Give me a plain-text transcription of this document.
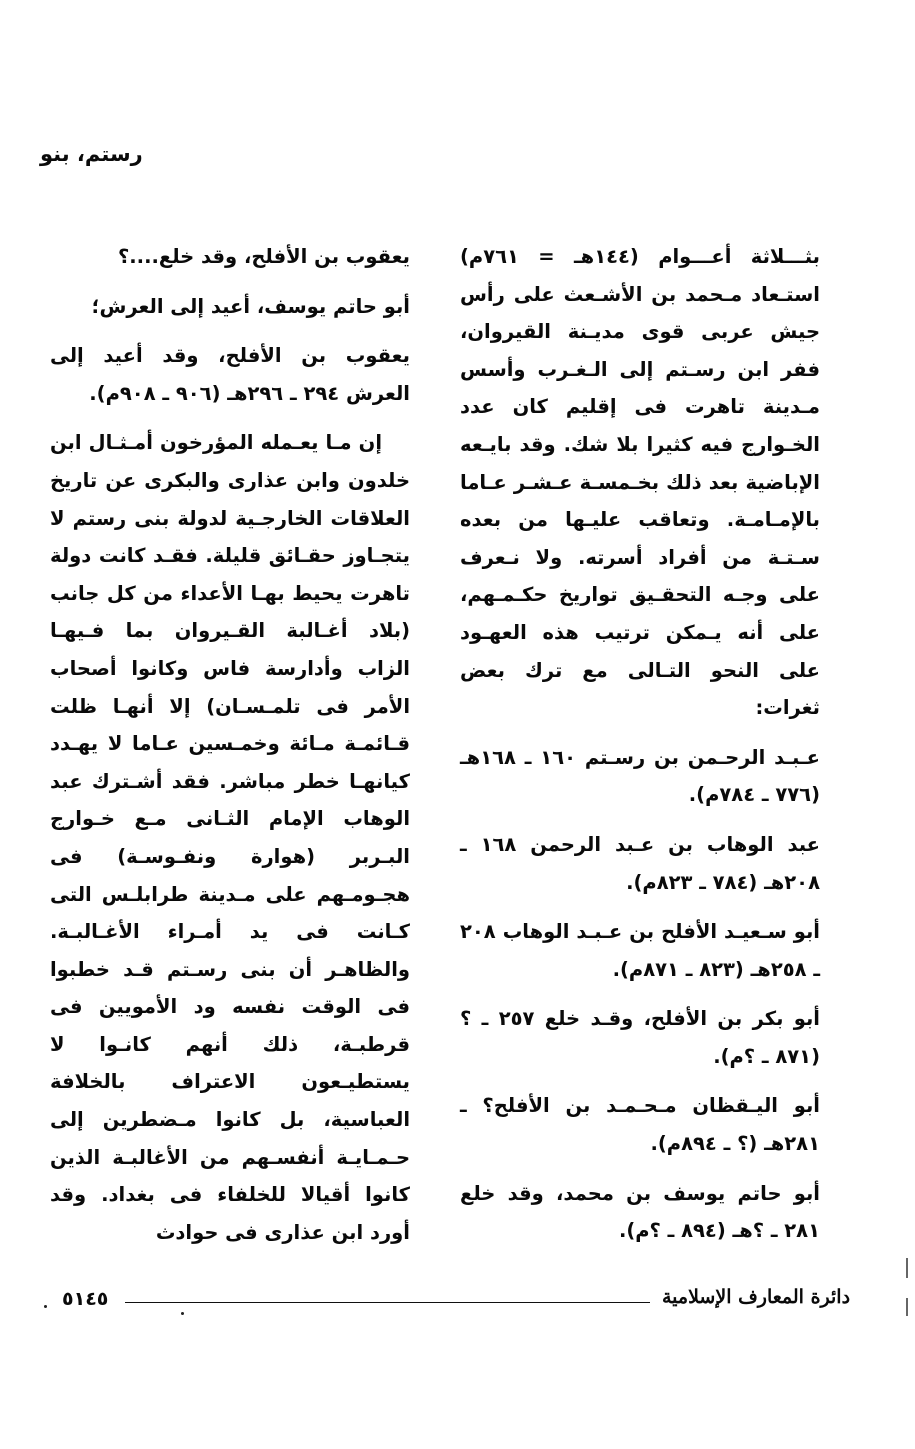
رستم، بنو

بثـــلاثة أعـــوام (١٤٤هـ = ٧٦١م) استـعاد مـحمد بن الأشـعث على رأس جيش عربى قوى مديـنة القيروان، ففر ابن رسـتم إلى الـغـرب وأسس مـدينة تاهرت فى إقليم كان عدد الخـوارج فيه كثيرا بلا شك. وقد بايـعه الإباضية بعد ذلك بخـمسـة عـشـر عـاما بالإمـامـة. وتعاقب عليـها من بعده سـتـة من أفراد أسرته. ولا نـعرف على وجـه التحقـيق تواريخ حكـمـهم، على أنه يـمكن ترتيب هذه العهـود على النحو التـالى مع ترك بعض ثغرات:

عـبـد الرحـمن بن رسـتم ١٦٠ ـ ١٦٨هـ (٧٧٦ ـ ٧٨٤م).

عبد الوهاب بن عـبد الرحمن ١٦٨ ـ ٢٠٨هـ (٧٨٤ ـ ٨٢٣م).

أبو سـعيـد الأفلح بن عـبـد الوهاب ٢٠٨ ـ ٢٥٨هـ (٨٢٣ ـ ٨٧١م).

أبو بكر بن الأفلح، وقـد خلع ٢٥٧ ـ ؟ (٨٧١ ـ ؟م).

أبو اليـقظان مـحـمـد بن الأفلح؟ ـ ٢٨١هـ (؟ ـ ٨٩٤م).

أبو حاتم يوسف بن محمد، وقد خلع ٢٨١ ـ ؟هـ (٨٩٤ ـ ؟م).

يعقوب بن الأفلح، وقد خلع....؟

أبو حاتم يوسف، أعيد إلى العرش؛

يعقوب بن الأفلح، وقد أعيد إلى العرش ٢٩٤ ـ ٢٩٦هـ (٩٠٦ ـ ٩٠٨م).

إن مـا يعـمله المؤرخون أمـثـال ابن خلدون وابن عذارى والبكرى عن تاريخ العلاقات الخارجـية لدولة بنى رستم لا يتجـاوز حقـائق قليلة. فقـد كانت دولة تاهرت يحيط بهـا الأعداء من كل جانب (بلاد أغـالبة القـيروان بما فـيهـا الزاب وأدارسة فاس وكانوا أصحاب الأمر فى تلمـسـان) إلا أنهـا ظلت قـائمـة مـائة وخمـسين عـاما لا يهـدد كيانهـا خطر مباشر. فقد أشـترك عبد الوهاب الإمام الثـانى مـع خـوارج البـربر (هوارة ونفـوسـة) فى هجـومـهم على مـدينة طرابلـس التى كـانت فى يد أمـراء الأغـالبـة. والظاهـر أن بنى رسـتم قـد خطبوا فى الوقت نفسه ود الأمويين فى قرطبـة، ذلك أنهم كانـوا لا يستطيـعون الاعتراف بالخلافة العباسية، بل كانوا مـضطرين إلى حـمـايـة أنفسـهم من الأغالبـة الذين كانوا أقيالا للخلفاء فى بغداد. وقد أورد ابن عذارى فى حوادث

دائرة المعارف الإسلامية
٥١٤٥
